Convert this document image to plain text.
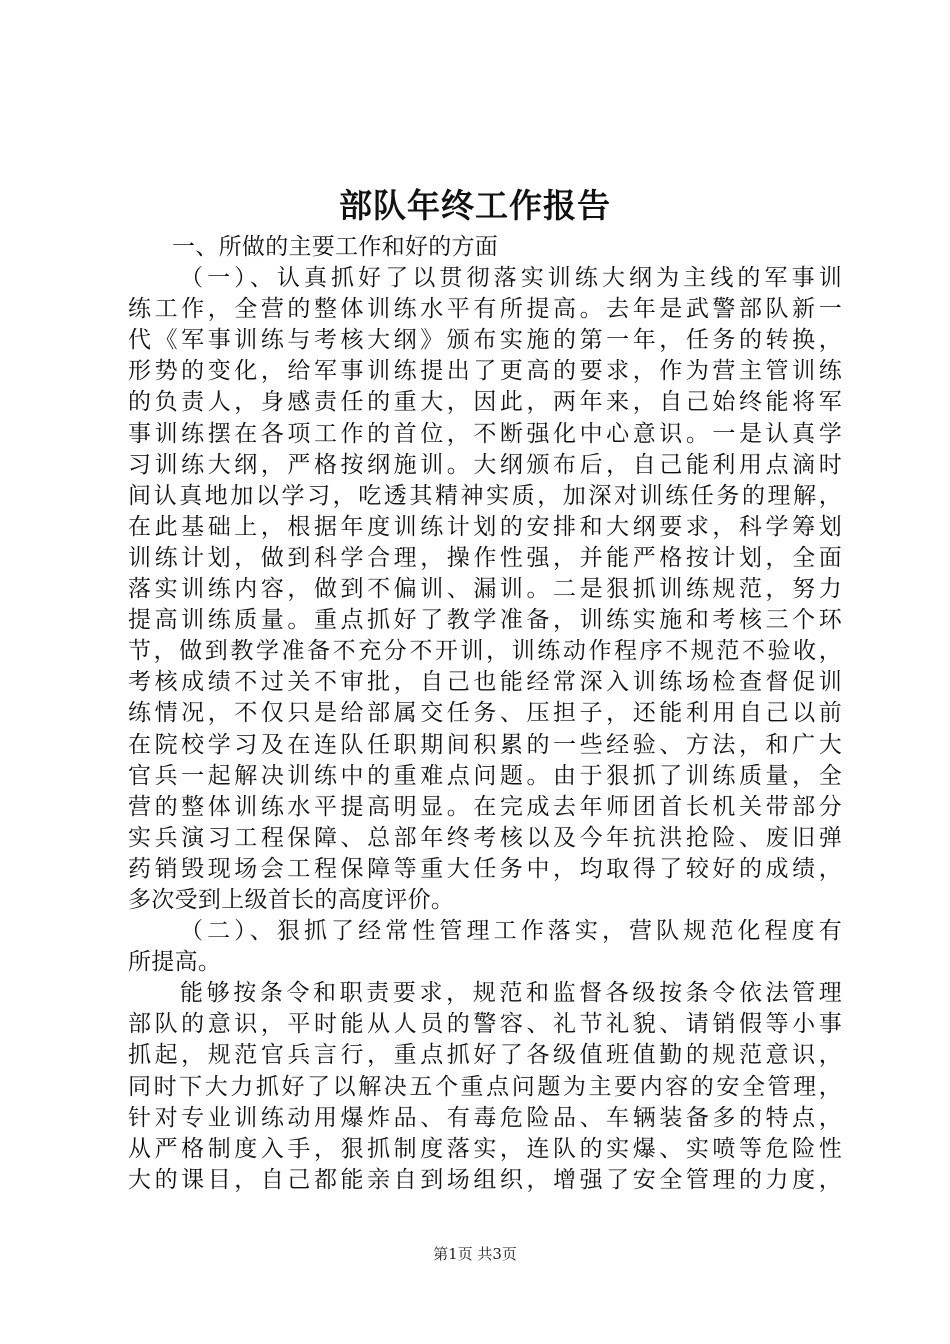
部队年终工作报告
一、所做的主要工作和好的方面
（一）、认真抓好了以贯彻落实训练大纲为主线的军事训
练工作，全营的整体训练水平有所提高。去年是武警部队新一
代《军事训练与考核大纲》颁布实施的第一年，任务的转换，
形势的变化，给军事训练提出了更高的要求，作为营主管训练
的负责人，身感责任的重大，因此，两年来，自己始终能将军
事训练摆在各项工作的首位，不断强化中心意识。一是认真学
习训练大纲，严格按纲施训。大纲颁布后，自己能利用点滴时
间认真地加以学习，吃透其精神实质，加深对训练任务的理解，
在此基础上，根据年度训练计划的安排和大纲要求，科学筹划
训练计划，做到科学合理，操作性强，并能严格按计划，全面
落实训练内容，做到不偏训、漏训。二是狠抓训练规范，努力
提高训练质量。重点抓好了教学准备，训练实施和考核三个环
节，做到教学准备不充分不开训，训练动作程序不规范不验收，
考核成绩不过关不审批，自己也能经常深入训练场检查督促训
练情况，不仅只是给部属交任务、压担子，还能利用自己以前
在院校学习及在连队任职期间积累的一些经验、方法，和广大
官兵一起解决训练中的重难点问题。由于狠抓了训练质量，全
营的整体训练水平提高明显。在完成去年师团首长机关带部分
实兵演习工程保障、总部年终考核以及今年抗洪抢险、废旧弹
药销毁现场会工程保障等重大任务中，均取得了较好的成绩，
多次受到上级首长的高度评价。
（二）、狠抓了经常性管理工作落实，营队规范化程度有
所提高。
能够按条令和职责要求，规范和监督各级按条令依法管理
部队的意识，平时能从人员的警容、礼节礼貌、请销假等小事
抓起，规范官兵言行，重点抓好了各级值班值勤的规范意识，
同时下大力抓好了以解决五个重点问题为主要内容的安全管理，
针对专业训练动用爆炸品、有毒危险品、车辆装备多的特点，
从严格制度入手，狠抓制度落实，连队的实爆、实喷等危险性
大的课目，自己都能亲自到场组织，增强了安全管理的力度，
第1页 共3页
